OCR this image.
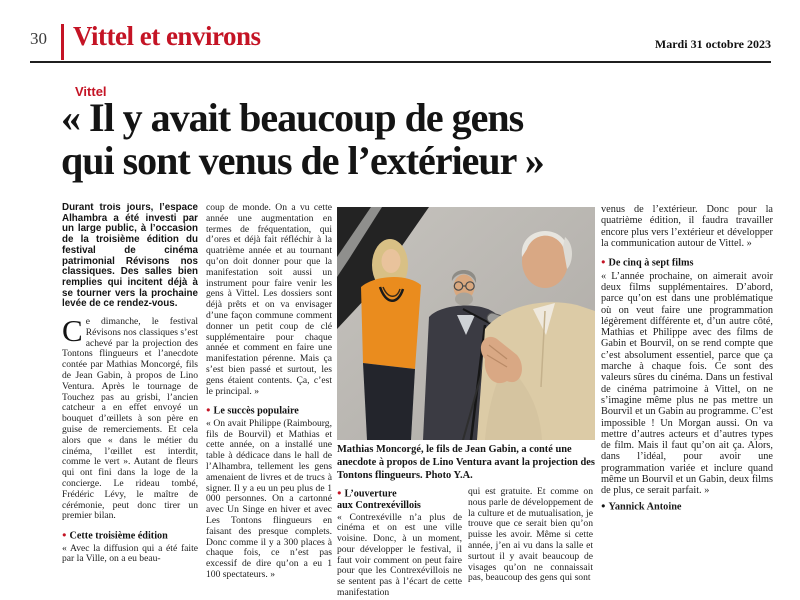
30 Vittel et environs	Mardi 31 octobre 2023
Vittel
« Il y avait beaucoup de gens
qui sont venus de l’extérieur »

Durant trois jours, l’espace Alhambra a été investi par un large public, à l’occasion de la troisième édition du festival de cinéma patrimonial Révisons nos classiques. Des salles bien remplies qui incitent déjà à se tourner vers la prochaine levée de ce rendez-vous.

Ce dimanche, le festival Révisons nos classiques s’est achevé par la projection des Tontons flingueurs et l’anecdote contée par Mathias Moncorgé, fils de Jean Gabin, à propos de Lino Ventura. Après le tournage de Touchez pas au grisbi, l’ancien catcheur a en effet envoyé un bouquet d’œillets à son père en guise de remerciements. Et cela alors que « dans le métier du cinéma, l’œillet est interdit, comme le vert ». Autant de fleurs qui ont fini dans la loge de la concierge. Le rideau tombé, Frédéric Lévy, le maître de cérémonie, peut donc tirer un premier bilan.

● Cette troisième édition

« Avec la diffusion qui a été faite par la Ville, on a eu beau-

coup de monde. On a vu cette année une augmentation en termes de fréquentation, qui d’ores et déjà fait réfléchir à la quatrième année et au tournant qu’on doit donner pour que la manifestation soit aussi un instrument pour faire venir les gens à Vittel. Les dossiers sont déjà prêts et on va envisager d’une façon commune comment donner un petit coup de clé supplémentaire pour chaque année et comment en faire une manifestation pérenne. Mais ça s’est bien passé et surtout, les gens étaient contents. Ça, c’est le principal. »

● Le succès populaire

« On avait Philippe (Raimbourg, fils de Bourvil) et Mathias et cette année, on a installé une table à dédicace dans le hall de l’Alhambra, tellement les gens amenaient de livres et de trucs à signer. Il y a eu un peu plus de 1 000 personnes. On a cartonné avec Un Singe en hiver et avec Les Tontons flingueurs en faisant des presque complets. Donc comme il y a 300 places à chaque fois, ce n’est pas excessif de dire qu’on a eu 1 100 spectateurs. »

Mathias Moncorgé, le fils de Jean Gabin, a conté une anecdote à propos de Lino Ventura avant la projection des Tontons flingueurs. Photo Y.A.
● L’ouverture
aux Contrexévillois

« Contrexéville n’a plus de cinéma et on est une ville voisine. Donc, à un moment, pour développer le festival, il faut voir comment on peut faire pour que les Contrexévillois ne se sentent pas à l’écart de cette manifestation

qui est gratuite. Et comme on nous parle de développement de la culture et de mutualisation, je trouve que ce serait bien qu’on puisse les avoir. Même si cette année, j’en ai vu dans la salle et surtout il y avait beaucoup de visages qu’on ne connaissait pas, beaucoup des gens qui sont

venus de l’extérieur. Donc pour la quatrième édition, il faudra travailler encore plus vers l’extérieur et développer la communication autour de Vittel. »

● De cinq à sept films

« L’année prochaine, on aimerait avoir deux films supplémentaires. D’abord, parce qu’on est dans une problématique où on veut faire une programmation légèrement différente et, d’un autre côté, Mathias et Philippe avec des films de Gabin et Bourvil, on se rend compte que c’est absolument essentiel, parce que ça marche à chaque fois. Ce sont des valeurs sûres du cinéma. Dans un festival de cinéma patrimoine à Vittel, on ne s’imagine même plus ne pas mettre un Bourvil et un Gabin au programme. C’est impossible ! Un Morgan aussi. On va mettre d’autres acteurs et d’autres types de film. Mais il faut qu’on ait ça. Alors, dans l’idéal, pour avoir une programmation variée et inclure quand même un Bourvil et un Gabin, deux films de plus, ce serait parfait. »

● Yannick Antoine
